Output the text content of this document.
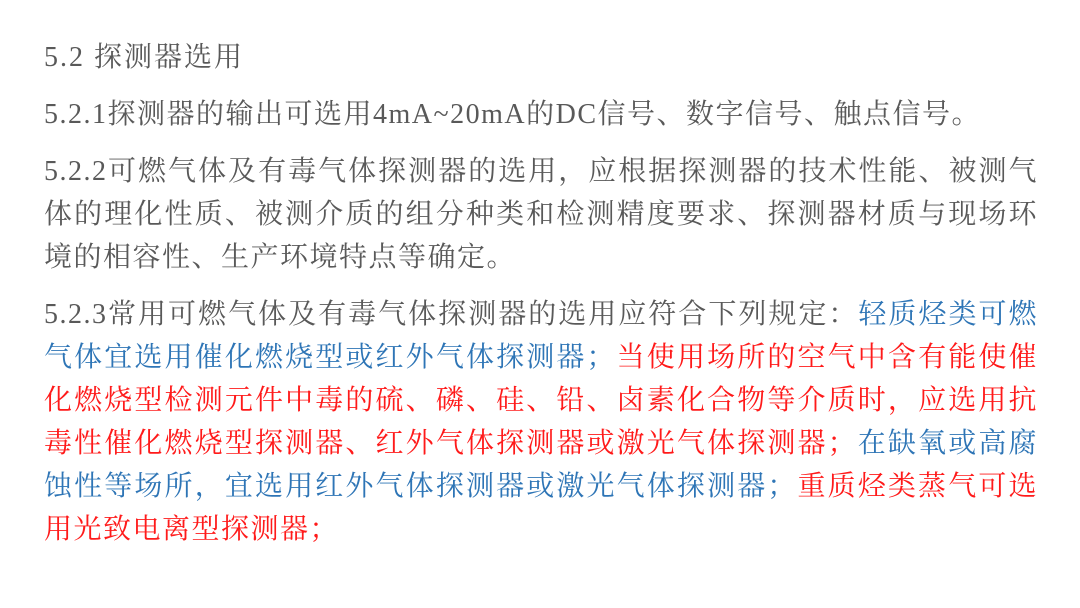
5.2 探测器选用

5.2.1探测器的输出可选用4mA~20mA的DC信号、数字信号、触点信号。

5.2.2可燃气体及有毒气体探测器的选用，应根据探测器的技术性能、被测气体的理化性质、被测介质的组分种类和检测精度要求、探测器材质与现场环境的相容性、生产环境特点等确定。

5.2.3常用可燃气体及有毒气体探测器的选用应符合下列规定：轻质烃类可燃气体宜选用催化燃烧型或红外气体探测器；当使用场所的空气中含有能使催化燃烧型检测元件中毒的硫、磷、硅、铅、卤素化合物等介质时，应选用抗毒性催化燃烧型探测器、红外气体探测器或激光气体探测器；在缺氧或高腐蚀性等场所，宜选用红外气体探测器或激光气体探测器；重质烃类蒸气可选用光致电离型探测器；
